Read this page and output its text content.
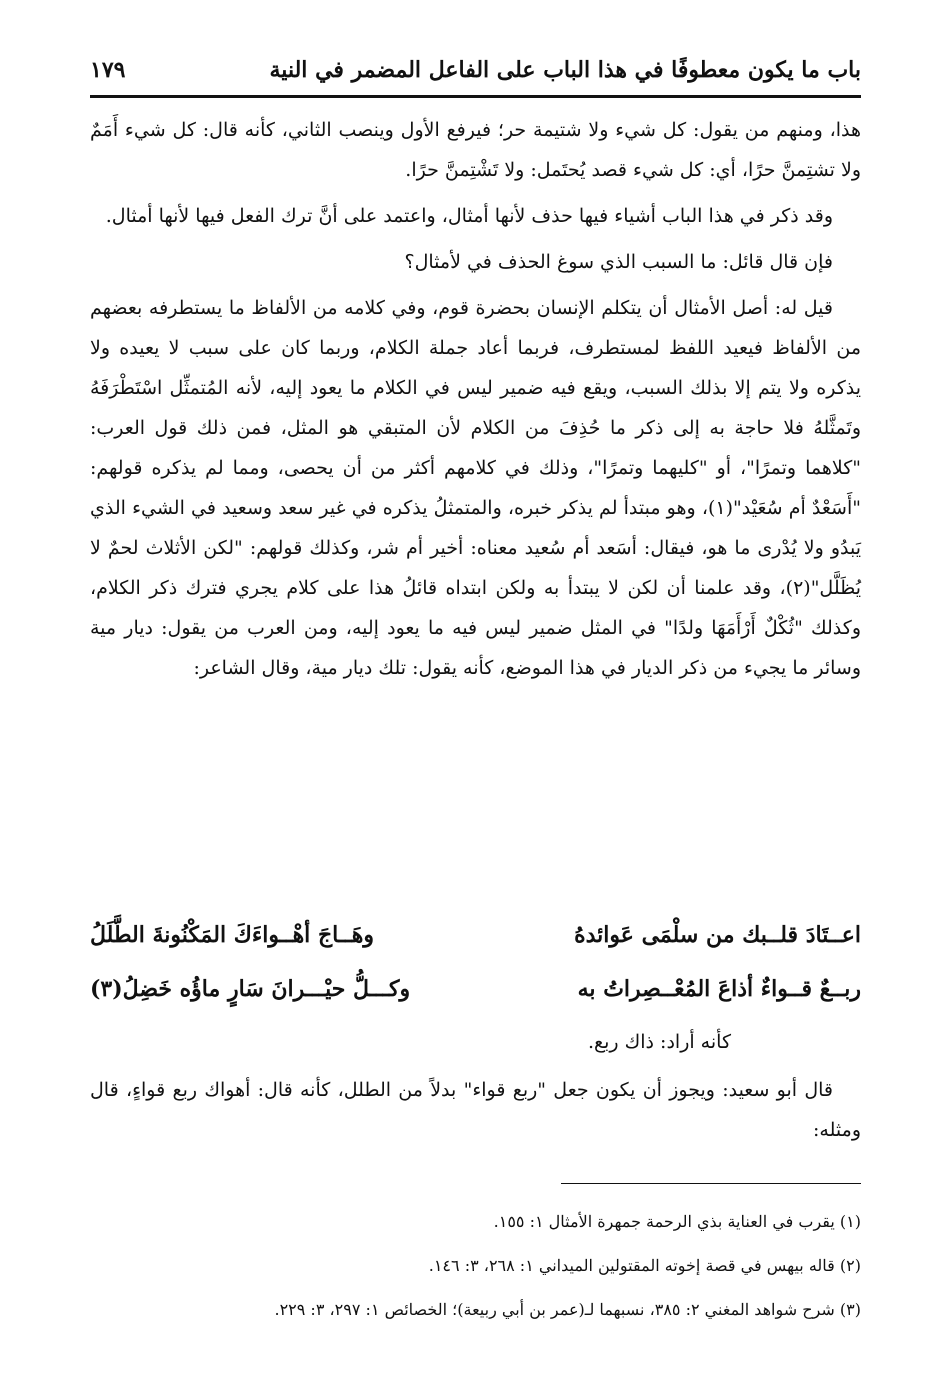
باب ما يكون معطوفًا في هذا الباب على الفاعل المضمر في النية
١٧٩

هذا، ومنهم من يقول: كل شيء ولا شتيمة حر؛ فيرفع الأول وينصب الثاني، كأنه قال: كل شيء أَمَمٌ ولا تشتِمنَّ حرًا، أي: كل شيء قصد يُحتَمل: ولا تَشْتِمنَّ حرًا.

وقد ذكر في هذا الباب أشياء فيها حذف لأنها أمثال، واعتمد على أنَّ ترك الفعل فيها لأنها أمثال.

فإن قال قائل: ما السبب الذي سوغ الحذف في لأمثال؟

قيل له: أصل الأمثال أن يتكلم الإنسان بحضرة قوم، وفي كلامه من الألفاظ ما يستطرفه بعضهم من الألفاظ فيعيد اللفظ لمستطرف، فربما أعاد جملة الكلام، وربما كان على سبب لا يعيده ولا يذكره ولا يتم إلا بذلك السبب، ويقع فيه ضمير ليس في الكلام ما يعود إليه، لأنه المُتمثِّل اسْتَطْرَفَهُ وتَمثَّلهُ فلا حاجة به إلى ذكر ما حُذِفَ من الكلام لأن المتبقي هو المثل، فمن ذلك قول العرب: "كلاهما وتمرًا"، أو "كليهما وتمرًا"، وذلك في كلامهم أكثر من أن يحصى، ومما لم يذكره قولهم: "أَسَعْدٌ أم سُعَيْد"(١)، وهو مبتدأ لم يذكر خبره، والمتمثلُ يذكره في غير سعد وسعيد في الشيء الذي يَبدُو ولا يُدْرى ما هو، فيقال: أسَعد أم سُعيد معناه: أخير أم شر، وكذلك قولهم: "لكن الأثلاث لحمٌ لا يُظَلَّل"(٢)، وقد علمنا أن لكن لا يبتدأ به ولكن ابتداه قائلُ هذا على كلام يجري فترك ذكر الكلام، وكذلك "ثُكْلٌ أَرْأَمَهَا ولدًا" في المثل ضمير ليس فيه ما يعود إليه، ومن العرب من يقول: ديار مية وسائر ما يجيء من ذكر الديار في هذا الموضع، كأنه يقول: تلك ديار مية، وقال الشاعر:

اعــتَادَ قلــبك من سلْمَى عَوائدهُ
وهَــاجَ أهْــواءَكَ المَكْنُونةَ الطَّلَلُ
ربــعٌ قــواءٌ أذاعَ المُعْــصِراتُ به
وكـــلُّ حيْـــرانَ سَارٍ ماؤُه خَضِلُ(٣)

كأنه أراد: ذاك ربع.

قال أبو سعيد: ويجوز أن يكون جعل "ربع قواء" بدلاً من الطلل، كأنه قال: أهواك ربع قواءٍ، قال ومثله:

(١) يقرب في العناية بذي الرحمة جمهرة الأمثال ١: ١٥٥.

(٢) قاله بيهس في قصة إخوته المقتولين الميداني ١: ٢٦٨، ٣: ١٤٦.

(٣) شرح شواهد المغني ٢: ٣٨٥، نسبهما لـ(عمر بن أبي ربيعة)؛ الخصائص ١: ٢٩٧، ٣: ٢٢٩.
